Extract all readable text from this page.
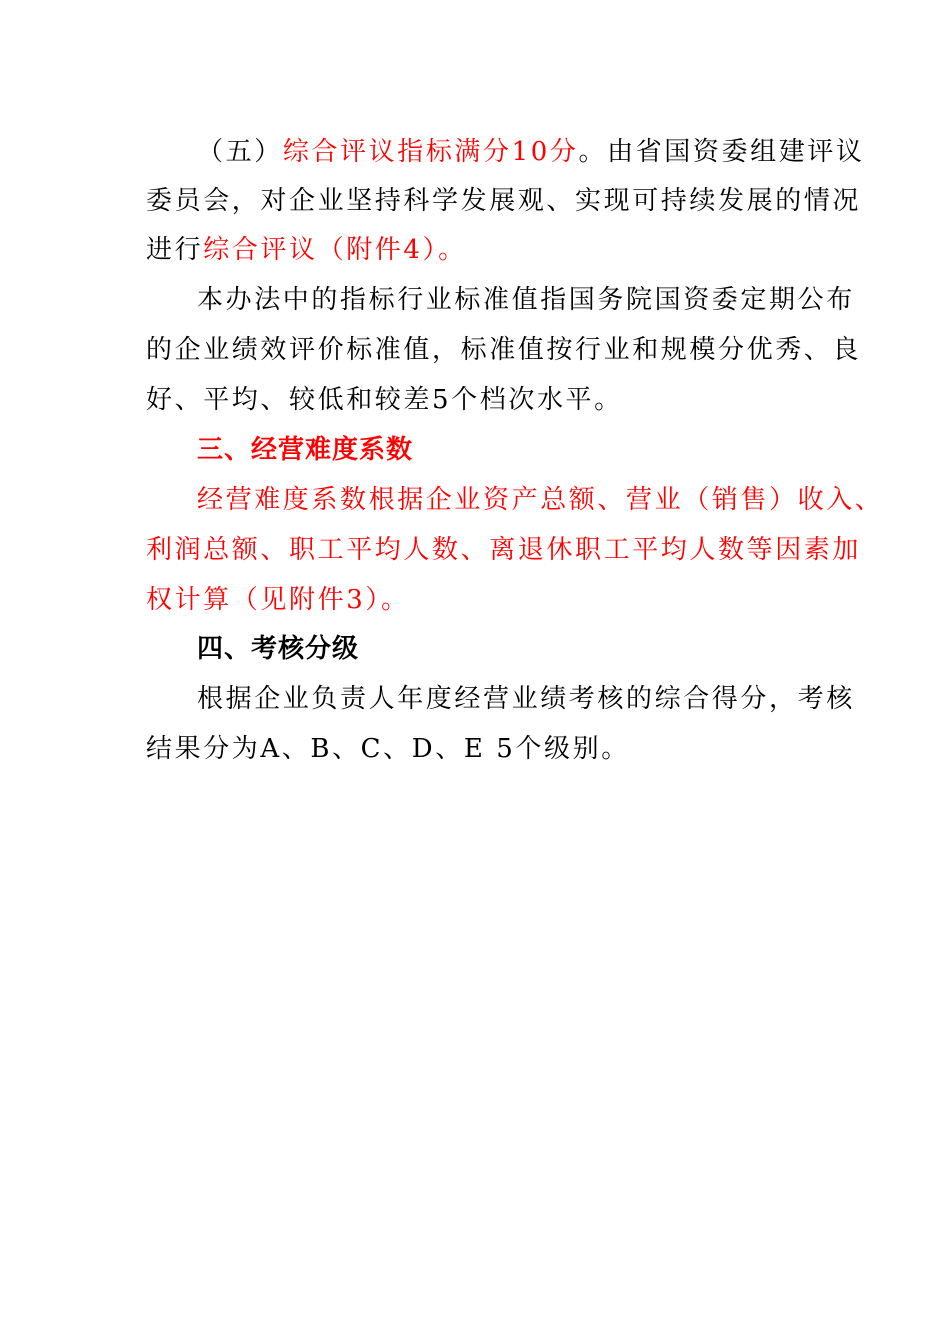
（五）综合评议指标满分10分。由省国资委组建评议
委员会，对企业坚持科学发展观、实现可持续发展的情况
进行综合评议（附件4）。
本办法中的指标行业标准值指国务院国资委定期公布
的企业绩效评价标准值，标准值按行业和规模分优秀、良
好、平均、较低和较差5个档次水平。
三、经营难度系数
经营难度系数根据企业资产总额、营业（销售）收入、
利润总额、职工平均人数、离退休职工平均人数等因素加
权计算（见附件3）。
四、考核分级
根据企业负责人年度经营业绩考核的综合得分，考核
结果分为A、B、C、D、E 5个级别。
